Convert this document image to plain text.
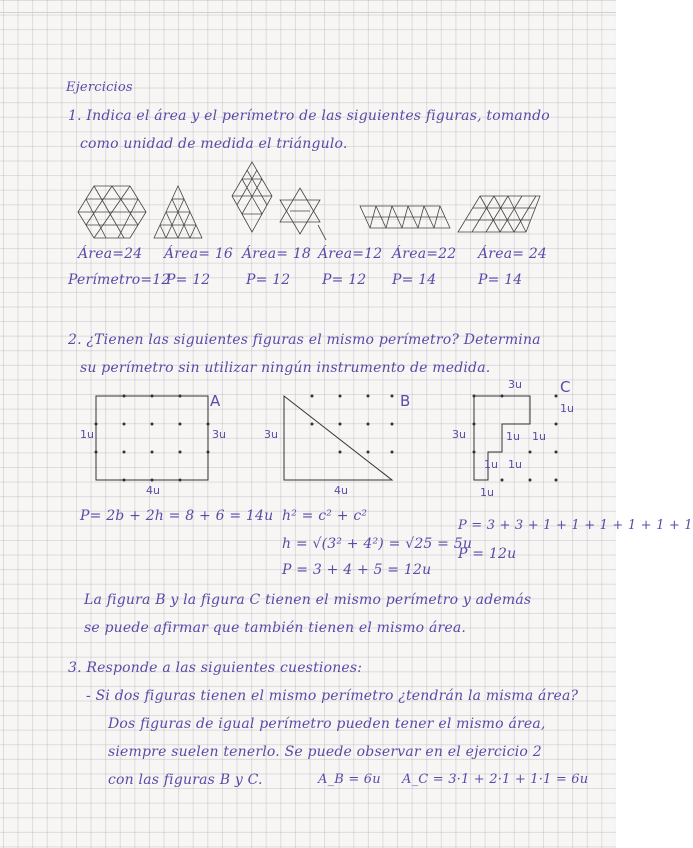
Ejercicios
1. Indica el área y el perímetro de las siguientes figuras, tomando
como unidad de medida el triángulo.
Área=24
Perímetro=12
Área= 16
P= 12
Área= 18
P= 12
Área=12
P= 12
Área=22
P= 14
Área= 24
P= 14
2. ¿Tienen las siguientes figuras el mismo perímetro? Determina
su perímetro sin utilizar ningún instrumento de medida.
A
1u	3u
4u
P= 2b + 2h = 8 + 6 = 14u
B
3u
4u
h² = c² + c²
h = √(3² + 4²) = √25 = 5u
P = 3 + 4 + 5 = 12u
C
3u
1u
3u	1u 1u
1u 1u
1u
P = 3 + 3 + 1 + 1 + 1 + 1 + 1 + 1
P = 12u
La figura B y la figura C tienen el mismo perímetro y además
se puede afirmar que también tienen el mismo área.
3. Responde a las siguientes cuestiones:
- Si dos figuras tienen el mismo perímetro ¿tendrán la misma área?
Dos figuras de igual perímetro pueden tener el mismo área,
siempre suelen tenerlo. Se puede observar en el ejercicio 2
con las figuras B y C.	A_B = 6u A_C = 3·1 + 2·1 + 1·1 = 6u
